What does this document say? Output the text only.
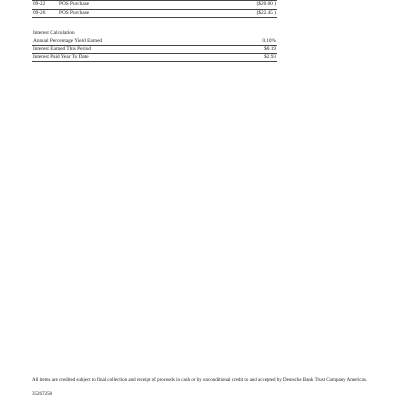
09-22	POS Purchase	($20.00 )
09-26	POS Purchase	($22.45 )
Interest Calculation
Annual Percentage Yield Earned	0.10%
Interest Earned This Period	$0.19
Interest Paid Year To Date	$2.93
All items are credited subject to final collection and receipt of proceeds in cash or by unconditional credit to and accepted by Deutsche Bank Trust Company Americas.
35267258
